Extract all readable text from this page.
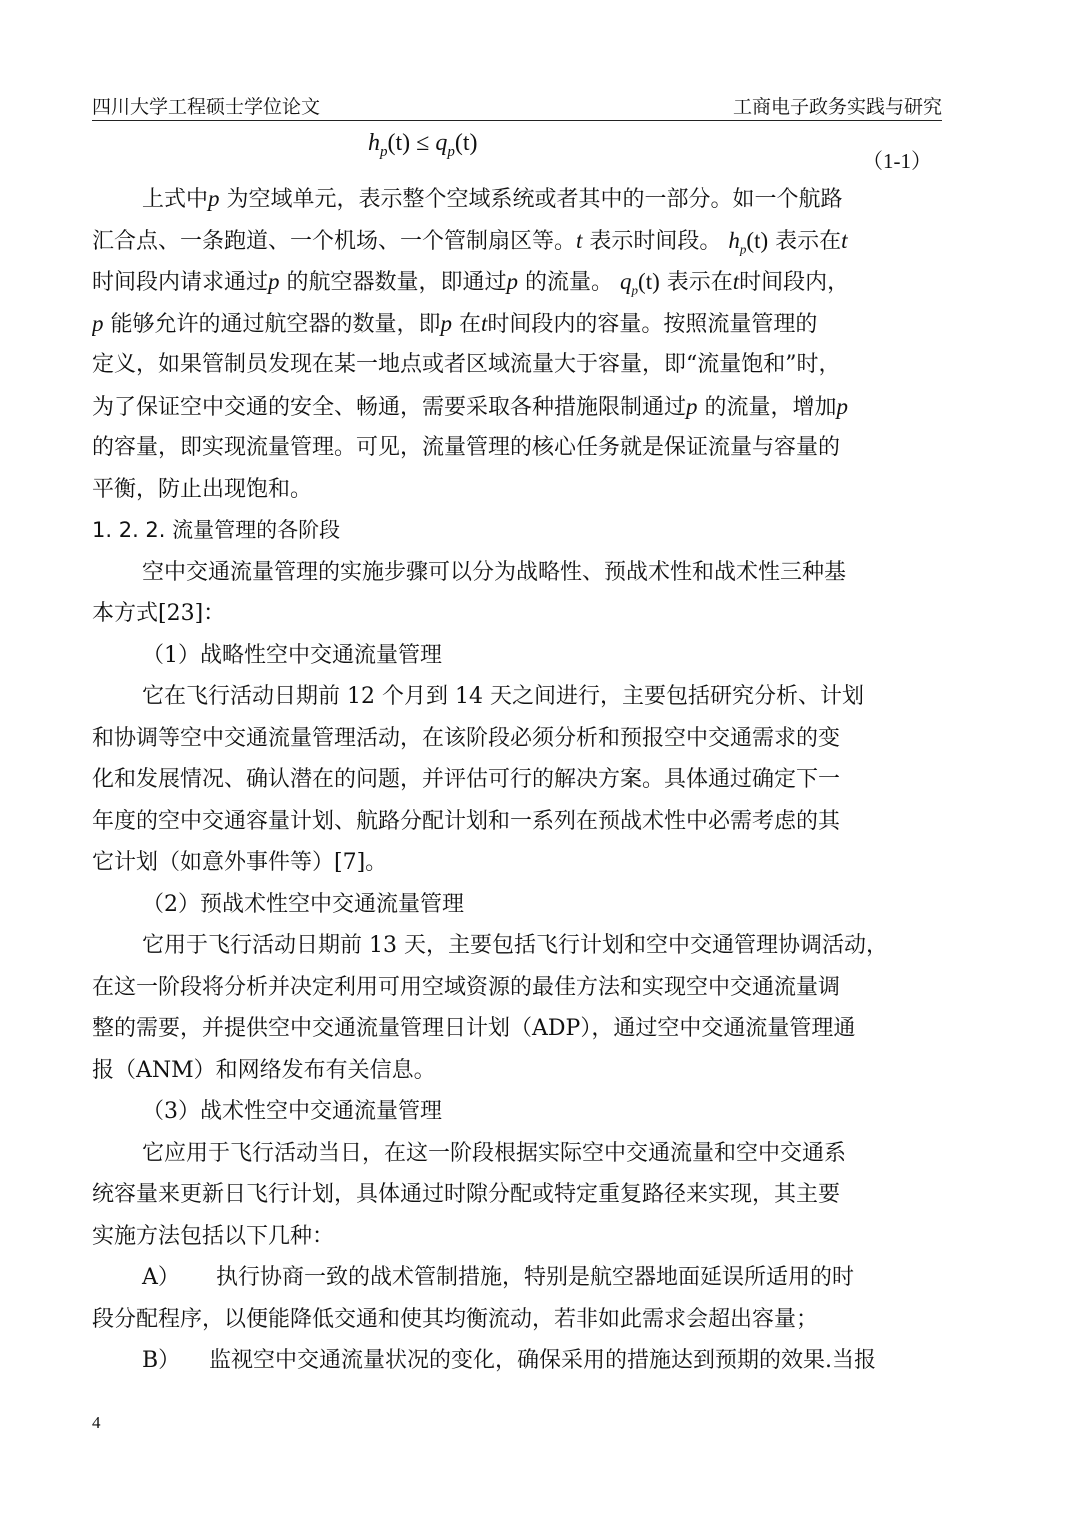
四川大学工程硕士学位论文	工商电子政务实践与研究
$h_p(t) \le q_p(t)$
（1-1）
上式中p 为空域单元，表示整个空域系统或者其中的一部分。如一个航路
汇合点、一条跑道、一个机场、一个管制扇区等。t 表示时间段。 $h_p(t)$ 表示在t
时间段内请求通过p 的航空器数量，即通过p 的流量。 $q_p(t)$ 表示在t时间段内，
p 能够允许的通过航空器的数量，即p 在t时间段内的容量。按照流量管理的
定义，如果管制员发现在某一地点或者区域流量大于容量，即“流量饱和”时，
为了保证空中交通的安全、畅通，需要采取各种措施限制通过p 的流量，增加p
的容量，即实现流量管理。可见，流量管理的核心任务就是保证流量与容量的
平衡，防止出现饱和。
1. 2. 2. 流量管理的各阶段
空中交通流量管理的实施步骤可以分为战略性、预战术性和战术性三种基
本方式[23]：
（1）战略性空中交通流量管理
它在飞行活动日期前 12 个月到 14 天之间进行，主要包括研究分析、计划
和协调等空中交通流量管理活动，在该阶段必须分析和预报空中交通需求的变
化和发展情况、确认潜在的问题，并评估可行的解决方案。具体通过确定下一
年度的空中交通容量计划、航路分配计划和一系列在预战术性中必需考虑的其
它计划（如意外事件等）[7]。
（2）预战术性空中交通流量管理
它用于飞行活动日期前 13 天，主要包括飞行计划和空中交通管理协调活动，
在这一阶段将分析并决定利用可用空域资源的最佳方法和实现空中交通流量调
整的需要，并提供空中交通流量管理日计划（ADP），通过空中交通流量管理通
报（ANM）和网络发布有关信息。
（3）战术性空中交通流量管理
它应用于飞行活动当日，在这一阶段根据实际空中交通流量和空中交通系
统容量来更新日飞行计划，具体通过时隙分配或特定重复路径来实现，其主要
实施方法包括以下几种：
A） 执行协商一致的战术管制措施，特别是航空器地面延误所适用的时
段分配程序，以便能降低交通和使其均衡流动，若非如此需求会超出容量；
B） 监视空中交通流量状况的变化，确保采用的措施达到预期的效果.当报
4
